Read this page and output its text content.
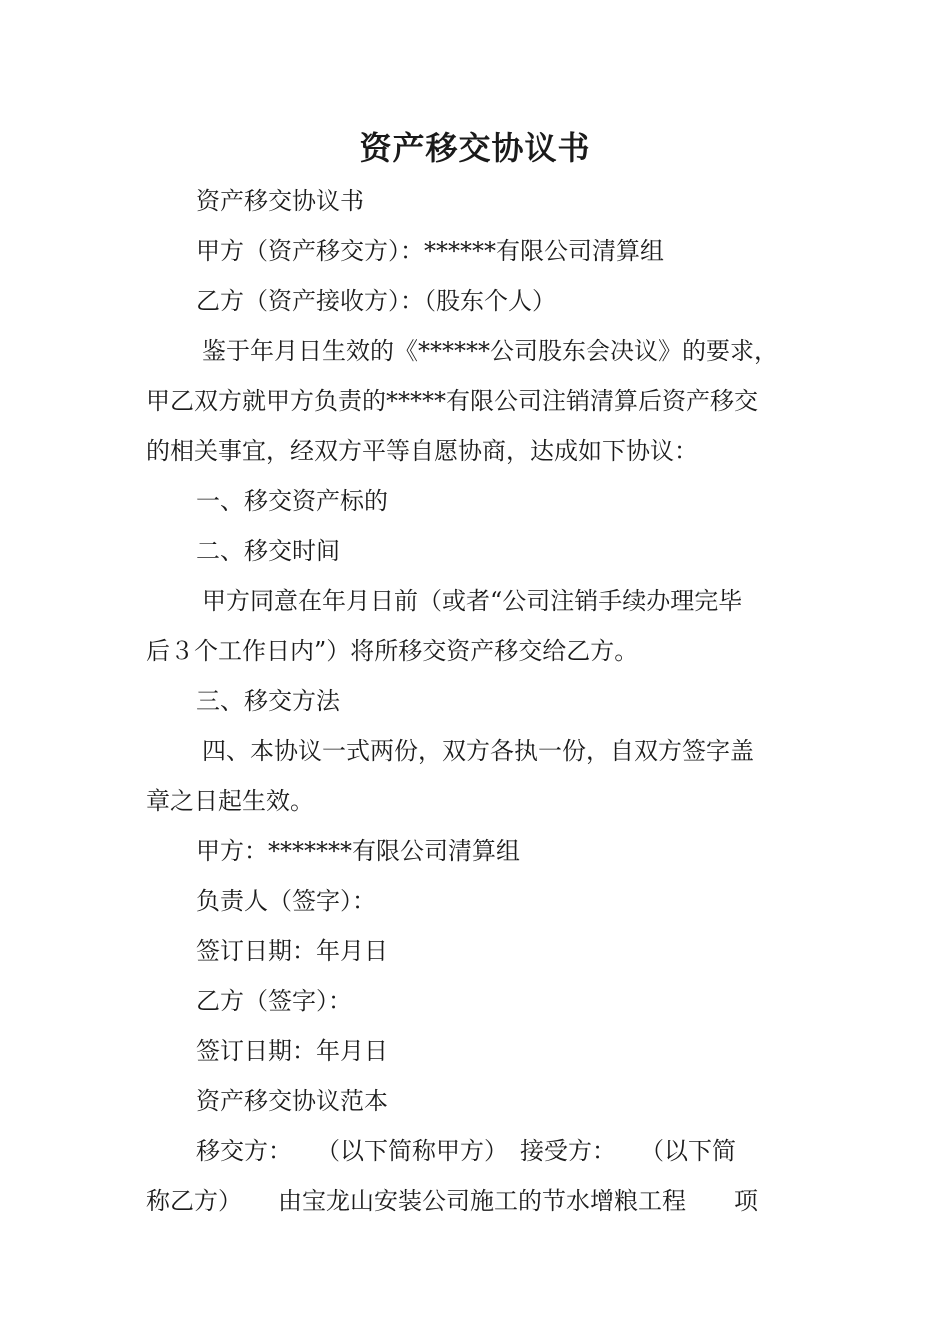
资产移交协议书
资产移交协议书
甲方（资产移交方）：******有限公司清算组
乙方（资产接收方）：（股东个人）
鉴于年月日生效的《******公司股东会决议》的要求，
甲乙双方就甲方负责的*****有限公司注销清算后资产移交
的相关事宜，经双方平等自愿协商，达成如下协议：
一、移交资产标的
二、移交时间
甲方同意在年月日前（或者“公司注销手续办理完毕
后３个工作日内”）将所移交资产移交给乙方。
三、移交方法
四、本协议一式两份，双方各执一份，自双方签字盖
章之日起生效。
甲方：*******有限公司清算组
负责人（签字）：
签订日期：年月日
乙方（签字）：
签订日期：年月日
资产移交协议范本
移交方：　　（以下简称甲方）　接受方：　　（以下简
称乙方）　　由宝龙山安装公司施工的节水增粮工程　　项
